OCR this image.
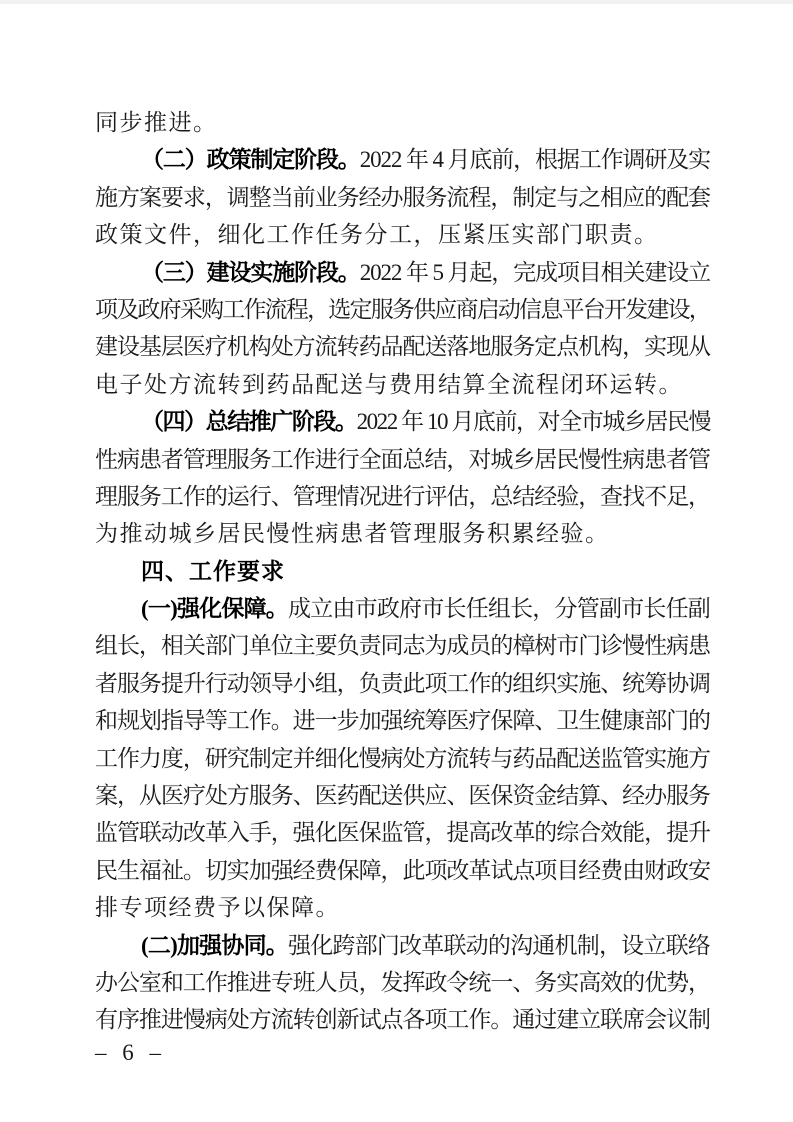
同步推进。
（二）政策制定阶段。2022 年 4 月底前，根据工作调研及实
施方案要求，调整当前业务经办服务流程，制定与之相应的配套
政策文件，细化工作任务分工，压紧压实部门职责。
（三）建设实施阶段。2022 年 5 月起，完成项目相关建设立
项及政府采购工作流程，选定服务供应商启动信息平台开发建设，
建设基层医疗机构处方流转药品配送落地服务定点机构，实现从
电子处方流转到药品配送与费用结算全流程闭环运转。
（四）总结推广阶段。2022 年 10 月底前，对全市城乡居民慢
性病患者管理服务工作进行全面总结，对城乡居民慢性病患者管
理服务工作的运行、管理情况进行评估，总结经验，查找不足，
为推动城乡居民慢性病患者管理服务积累经验。
四、工作要求
(一)强化保障。成立由市政府市长任组长，分管副市长任副
组长，相关部门单位主要负责同志为成员的樟树市门诊慢性病患
者服务提升行动领导小组，负责此项工作的组织实施、统筹协调
和规划指导等工作。进一步加强统筹医疗保障、卫生健康部门的
工作力度，研究制定并细化慢病处方流转与药品配送监管实施方
案，从医疗处方服务、医药配送供应、医保资金结算、经办服务
监管联动改革入手，强化医保监管，提高改革的综合效能，提升
民生福祉。切实加强经费保障，此项改革试点项目经费由财政安
排专项经费予以保障。
(二)加强协同。强化跨部门改革联动的沟通机制，设立联络
办公室和工作推进专班人员，发挥政令统一、务实高效的优势，
有序推进慢病处方流转创新试点各项工作。通过建立联席会议制
– 6 –
